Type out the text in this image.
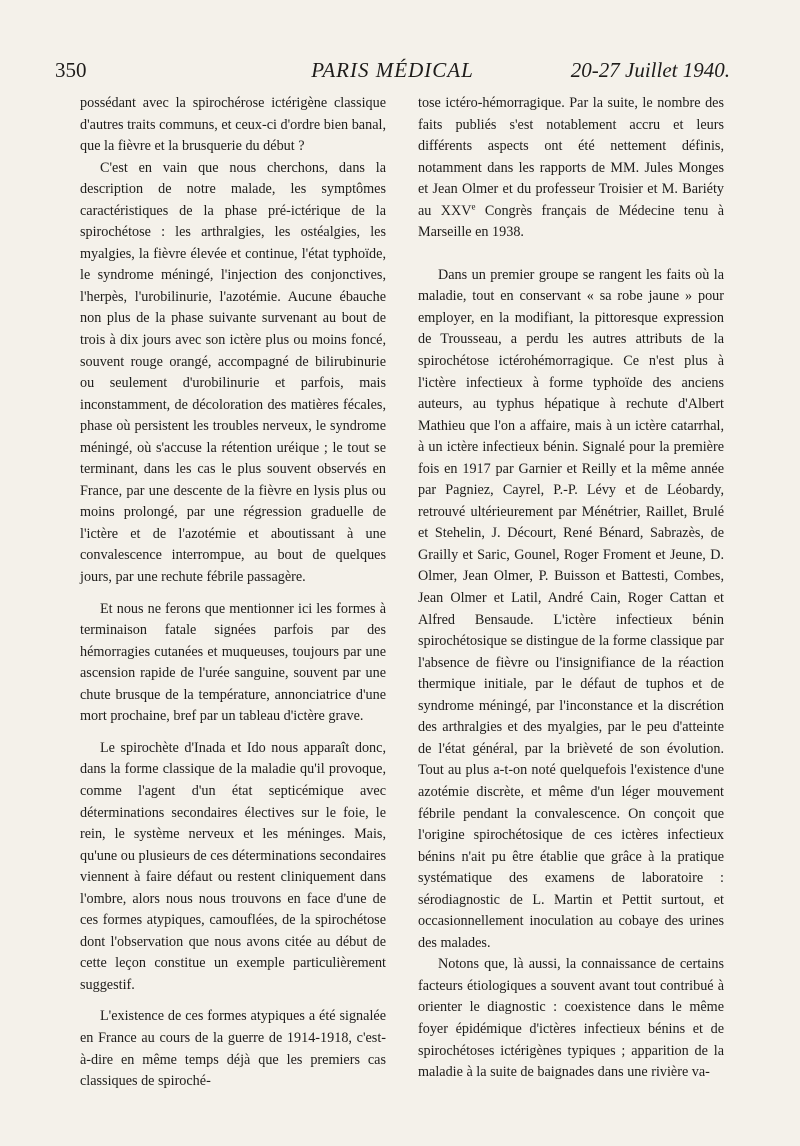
350	PARIS MÉDICAL	20-27 Juillet 1940.

possédant avec la spirochérose ictérigène classique d'autres traits communs, et ceux-ci d'ordre bien banal, que la fièvre et la brusquerie du début ?

C'est en vain que nous cherchons, dans la description de notre malade, les symptômes caractéristiques de la phase pré-ictérique de la spirochétose : les arthralgies, les ostéalgies, les myalgies, la fièvre élevée et continue, l'état typhoïde, le syndrome méningé, l'injection des conjonctives, l'herpès, l'urobilinurie, l'azotémie. Aucune ébauche non plus de la phase suivante survenant au bout de trois à dix jours avec son ictère plus ou moins foncé, souvent rouge orangé, accompagné de bilirubinurie ou seulement d'urobilinurie et parfois, mais inconstamment, de décoloration des matières fécales, phase où persistent les troubles nerveux, le syndrome méningé, où s'accuse la rétention uréique ; le tout se terminant, dans les cas le plus souvent observés en France, par une descente de la fièvre en lysis plus ou moins prolongé, par une régression graduelle de l'ictère et de l'azotémie et aboutissant à une convalescence interrompue, au bout de quelques jours, par une rechute fébrile passagère.

Et nous ne ferons que mentionner ici les formes à terminaison fatale signées parfois par des hémorragies cutanées et muqueuses, toujours par une ascension rapide de l'urée sanguine, souvent par une chute brusque de la température, annonciatrice d'une mort prochaine, bref par un tableau d'ictère grave.

Le spirochète d'Inada et Ido nous apparaît donc, dans la forme classique de la maladie qu'il provoque, comme l'agent d'un état septicémique avec déterminations secondaires électives sur le foie, le rein, le système nerveux et les méninges. Mais, qu'une ou plusieurs de ces déterminations secondaires viennent à faire défaut ou restent cliniquement dans l'ombre, alors nous nous trouvons en face d'une de ces formes atypiques, camouflées, de la spirochétose dont l'observation que nous avons citée au début de cette leçon constitue un exemple particulièrement suggestif.

L'existence de ces formes atypiques a été signalée en France au cours de la guerre de 1914-1918, c'est-à-dire en même temps déjà que les premiers cas classiques de spiroché-

tose ictéro-hémorragique. Par la suite, le nombre des faits publiés s'est notablement accru et leurs différents aspects ont été nettement définis, notamment dans les rapports de MM. Jules Monges et Jean Olmer et du professeur Troisier et M. Bariéty au XXVe Congrès français de Médecine tenu à Marseille en 1938.

Dans un premier groupe se rangent les faits où la maladie, tout en conservant « sa robe jaune » pour employer, en la modifiant, la pittoresque expression de Trousseau, a perdu les autres attributs de la spirochétose ictérohémorragique. Ce n'est plus à l'ictère infectieux à forme typhoïde des anciens auteurs, au typhus hépatique à rechute d'Albert Mathieu que l'on a affaire, mais à un ictère catarrhal, à un ictère infectieux bénin. Signalé pour la première fois en 1917 par Garnier et Reilly et la même année par Pagniez, Cayrel, P.-P. Lévy et de Léobardy, retrouvé ultérieurement par Ménétrier, Raillet, Brulé et Stehelin, J. Décourt, René Bénard, Sabrazès, de Grailly et Saric, Gounel, Roger Froment et Jeune, D. Olmer, Jean Olmer, P. Buisson et Battesti, Combes, Jean Olmer et Latil, André Cain, Roger Cattan et Alfred Bensaude. L'ictère infectieux bénin spirochétosique se distingue de la forme classique par l'absence de fièvre ou l'insignifiance de la réaction thermique initiale, par le défaut de tuphos et de syndrome méningé, par l'inconstance et la discrétion des arthralgies et des myalgies, par le peu d'atteinte de l'état général, par la brièveté de son évolution. Tout au plus a-t-on noté quelquefois l'existence d'une azotémie discrète, et même d'un léger mouvement fébrile pendant la convalescence. On conçoit que l'origine spirochétosique de ces ictères infectieux bénins n'ait pu être établie que grâce à la pratique systématique des examens de laboratoire : sérodiagnostic de L. Martin et Pettit surtout, et occasionnellement inoculation au cobaye des urines des malades.

Notons que, là aussi, la connaissance de certains facteurs étiologiques a souvent avant tout contribué à orienter le diagnostic : coexistence dans le même foyer épidémique d'ictères infectieux bénins et de spirochétoses ictérigènes typiques ; apparition de la maladie à la suite de baignades dans une rivière va-
